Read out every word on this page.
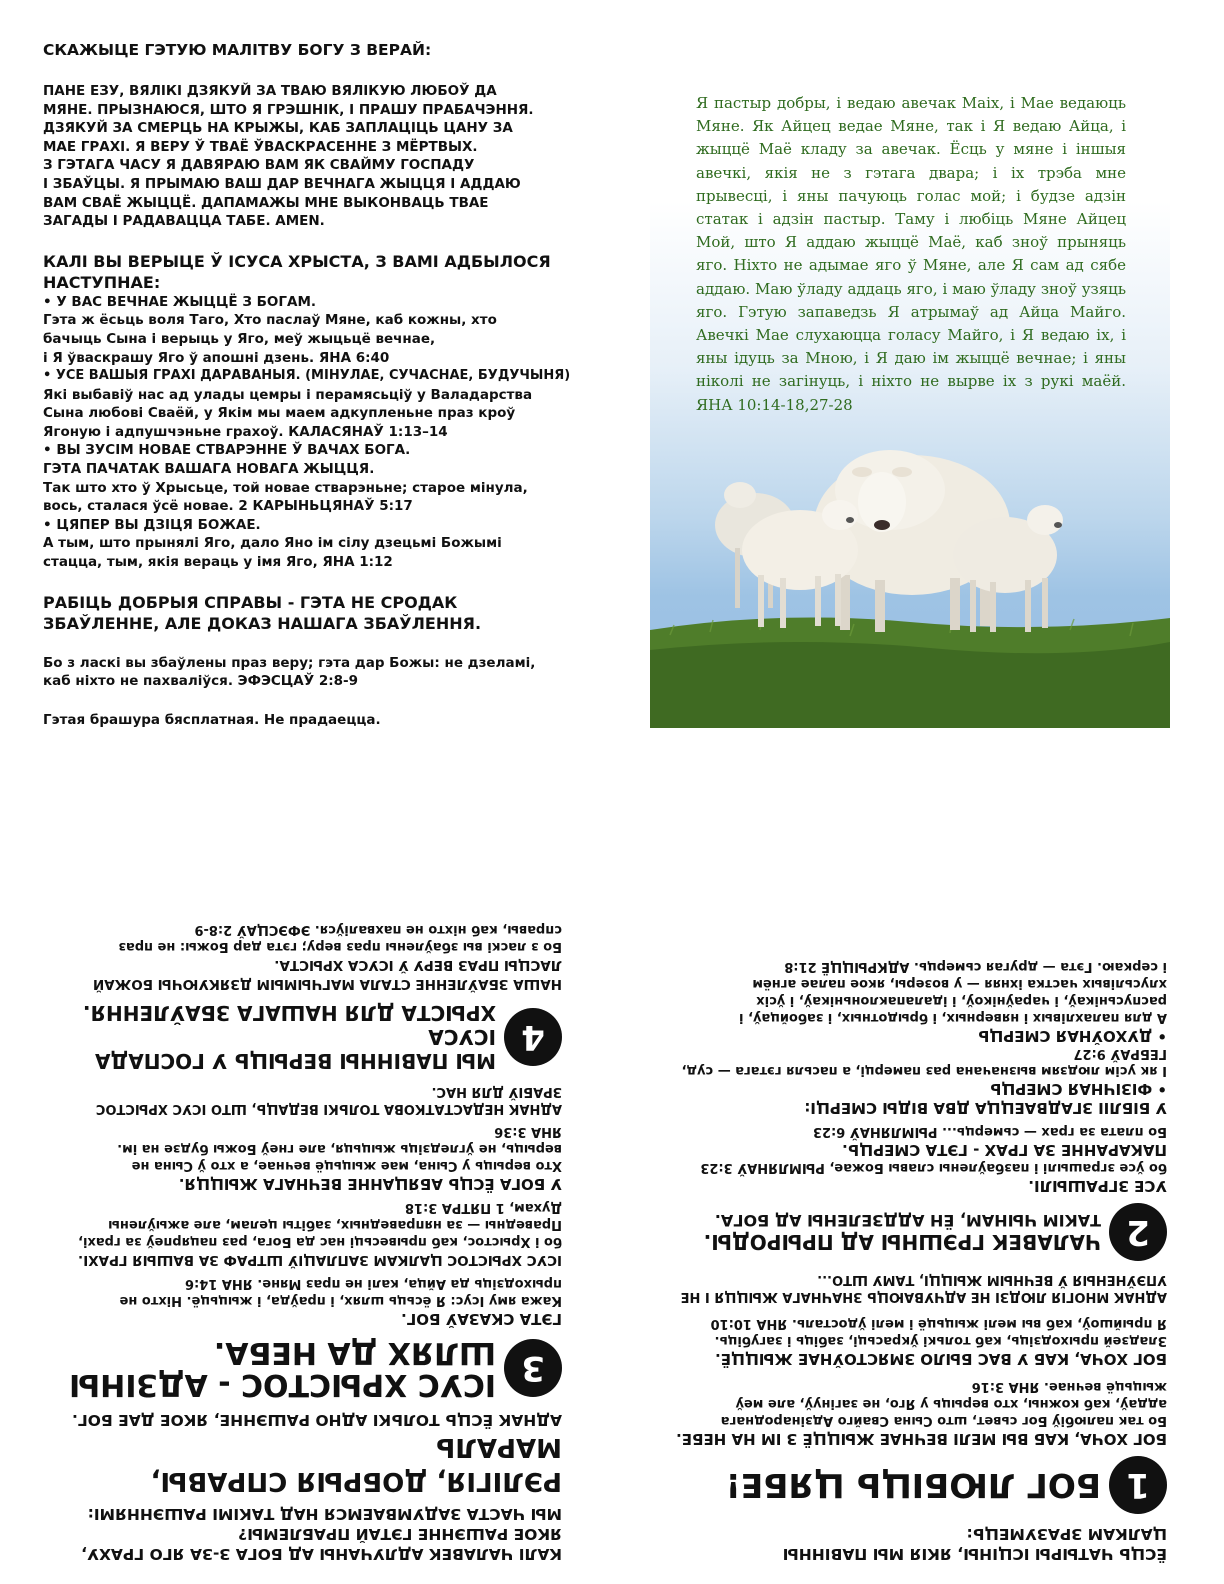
СКАЖЫЦЕ ГЭТУЮ МАЛІТВУ БОГУ З ВЕРАЙ:

ПАНЕ ЕЗУ, ВЯЛІКІ ДЗЯКУЙ ЗА ТВАЮ ВЯЛІКУЮ ЛЮБОЎ ДА

МЯНЕ. ПРЫЗНАЮСЯ, ШТО Я ГРЭШНІК, І ПРАШУ ПРАБАЧЭННЯ.

ДЗЯКУЙ ЗА СМЕРЦЬ НА КРЫЖЫ, КАБ ЗАПЛАЦІЦЬ ЦАНУ ЗА

МАЕ ГРАХІ. Я ВЕРУ Ў ТВАЁ ЎВАСКРАСЕННЕ З МЁРТВЫХ.

З ГЭТАГА ЧАСУ Я ДАВЯРАЮ ВАМ ЯК СВАЙМУ ГОСПАДУ

І ЗБАЎЦЫ. Я ПРЫМАЮ ВАШ ДАР ВЕЧНАГА ЖЫЦЦЯ І АДДАЮ

ВАМ СВАЁ ЖЫЦЦЁ. ДАПАМАЖЫ МНЕ ВЫКОНВАЦЬ ТВАЕ

ЗАГАДЫ І РАДАВАЦЦА ТАБЕ. AMEN.

КАЛІ ВЫ ВЕРЫЦЕ Ў ІСУСА ХРЫСТА, З ВАМІ АДБЫЛОСЯ

НАСТУПНАЕ:

• У ВАС ВЕЧНАЕ ЖЫЦЦЁ З БОГАМ.

Гэта ж ёсьць воля Таго, Хто паслаў Мяне, каб кожны, хто

бачыць Сына і верыць у Яго, меў жыцьцё вечнае,

і Я ўваскрашу Яго ў апошні дзень. ЯНА 6:40

• УСЕ ВАШЫЯ ГРАХІ ДАРАВАНЫЯ. (МІНУЛАЕ, СУЧАСНАЕ, БУДУЧЫНЯ)

Які выбавіў нас ад улады цемры і перамясьціў у Валадарства

Сына любові Сваёй, у Якім мы маем адкупленьне праз кроў

Ягоную і адпушчэньне грахоў. КАЛАСЯНАЎ 1:13–14

• ВЫ ЗУСІМ НОВАЕ СТВАРЭННЕ Ў ВАЧАХ БОГА.

ГЭТА ПАЧАТАК ВАШАГА НОВАГА ЖЫЦЦЯ.

Так што хто ў Хрысьце, той новае стварэньне; старое мінула,

вось, сталася ўсё новае. 2 КАРЫНЬЦЯНАЎ 5:17

• ЦЯПЕР ВЫ ДЗІЦЯ БОЖАЕ.

А тым, што прынялі Яго, дало Яно ім сілу дзецьмі Божымі

стацца, тым, якія вераць у імя Яго, ЯНА 1:12

РАБІЦЬ ДОБРЫЯ СПРАВЫ - ГЭТА НЕ СРОДАК

ЗБАЎЛЕННЕ, АЛЕ ДОКАЗ НАШАГА ЗБАЎЛЕННЯ.

Бо з ласкі вы збаўлены праз веру; гэта дар Божы: не дзеламі,

каб ніхто не пахваліўся. ЭФЭСЦАЎ 2:8-9

Гэтая брашура бясплатная. Не прадаецца.

Я пастыр добры, і ведаю авечак Маіх, і Мае ведаюць Мяне. Як Айцец ведае Мяне, так і Я ведаю Айца, і жыццё Маё кладу за авечак. Ёсць у мяне і іншыя авечкі, якія не з гэтага двара; і іх трэба мне прывесці, і яны пачуюць голас мой; і будзе адзін статак і адзін пастыр. Таму і любіць Мяне Айцец Мой, што Я аддаю жыццё Маё, каб зноў прыняць яго. Ніхто не адымае яго ў Мяне, але Я сам ад сябе аддаю. Маю ўладу аддаць яго, і маю ўладу зноў узяць яго. Гэтую запаведзь Я атрымаў ад Айца Майго. Авечкі Мае слухаюцца голасу Майго, і Я ведаю іх, і яны ідуць за Мною, і Я даю ім жыццё вечнае; і яны ніколі не загінуць, і ніхто не вырве іх з рукі маёй. ЯНА 10:14-18,27-28

ЁСЦЬ ЧАТЫРЫ ІСЦІНЫ, ЯКІЯ МЫ ПАВІННЫ

ЦАЛКАМ ЗРАЗУМЕЦЬ:

1

БОГ ЛЮБІЦЬ ЦЯБЕ!

БОГ ХОЧА, КАБ ВЫ МЕЛІ ВЕЧНАЕ ЖЫЦЦЁ З ІМ НА НЕБЕ.

Бо так палюбіў Бог сьвет, што Сына Свайго Адзінароднага

аддаў, каб кожны, хто верыць у Яго, не загінуў, але меў

жыцьцё вечнае. ЯНА 3:16

БОГ ХОЧА, КАБ У ВАС БЫЛО ЗМЯСТОЎНАЕ ЖЫЦЦЁ.

Зладзей прыходзіць, каб толькі ўкрасьці, забіць і загубіць.

Я прыйшоў, каб вы мелі жыцьцё і мелі ўдосталь. ЯНА 10:10

АДНАК МНОГІЯ ЛЮДЗІ НЕ АДЧУВАЮЦЬ ЗНАЧНАГА ЖЫЦЦЯ І НЕ

УПЭЎНЕНЫЯ Ў ВЕЧНЫМ ЖЫЦЦІ, ТАМУ ШТО...

2

ЧАЛАВЕК ГРЭШНЫ АД ПРЫРОДЫ.

ТАКІМ ЧЫНАМ, ЁН АДДЗЕЛЕНЫ АД БОГА.

УСЕ ЗГРАШЫЛІ.

бо ўсе зграшылі і пазбаўлены славы Божае, РЫМЛЯНАЎ 3:23

ПАКАРАННЕ ЗА ГРАХ - ГЭТА СМЕРЦЬ.

Бо плата за грах — сьмерць... РЫМЛЯНАЎ 6:23

У БІБЛІІ ЗГАДВАЕЦЦА ДВА ВІДЫ СМЕРЦІ:

• ФІЗІЧНАЯ СМЕРЦЬ

І як усім людзям вызначана раз памерці, а пасьля гэтага — суд,

ГЕБРАЎ 9:27

• ДУХОЎНАЯ СМЕРЦЬ

А для палахлівых і няверных, і брыдотных, і забойцаў, і

распусьнікаў, і чараўнікоў, і ідалапаклоньнікаў, і ўсіх

хлусьлівых частка іхняя — у возеры, якое палае агнём

і серкаю. Гэта — другая сьмерць. АДКРЫЦЦЁ 21:8

КАЛІ ЧАЛАВЕК АДЛУЧАНЫ АД БОГА З-ЗА ЯГО ГРАХУ,

ЯКОЕ РАШЭННЕ ГЭТАЙ ПРАБЛЕМЫ?

МЫ ЧАСТА ЗАДУМВАЕМСЯ НАД ТАКІМІ РАШЭННЯМІ:

РЭЛІГІЯ, ДОБРЫЯ СПРАВЫ, МАРАЛЬ

АДНАК ЁСЦЬ ТОЛЬКІ АДНО РАШЭННЕ, ЯКОЕ ДАЕ БОГ.

3

ІСУС ХРЫСТОС - АДЗІНЫ

ШЛЯХ ДА НЕБА.

ГЭТА СКАЗАЎ БОГ.

Кажа яму Ісус: Я ёсьць шлях, і праўда, і жыцьцё. Ніхто не

прыходзіць да Айца, калі не праз Мяне. ЯНА 14:6

ІСУС ХРЫСТОС ЦАЛКАМ ЗАПЛАЦІЎ ШТРАФ ЗА ВАШЫЯ ГРАХІ.

бо і Хрыстос, каб прывесьці нас да Бога, раз пацярпеў за грахі,

Праведны — за няправедных, забіты целам, але ажыўлены

Духам, 1 ПЯТРА 3:18

У БОГА ЁСЦЬ АБЯЦАННЕ ВЕЧНАГА ЖЫЦЦЯ.

Хто верыць у Сына, мае жыцьцё вечнае, а хто ў Сына не

верыць, не ўгледзіць жыцьця, але гнеў Божы будзе на ім.

ЯНА 3:36

АДНАК НЕДАСТАТКОВА ТОЛЬКІ ВЕДАЦЬ, ШТО ІСУС ХРЫСТОС

ЗРАБІЎ ДЛЯ НАС.

4

МЫ ПАВІННЫ ВЕРЫЦЬ У ГОСПАДА ІСУСА

ХРЫСТА ДЛЯ НАШАГА ЗБАЎЛЕННЯ.

НАША ЗБАЎЛЕННЕ СТАЛА МАГЧЫМЫМ ДЗЯКУЮЧЫ БОЖАЙ

ЛАСЦЫ ПРАЗ ВЕРУ Ў ІСУСА ХРЫСТА.

Бо з ласкі вы збаўлены праз веру; гэта дар Божы: не праз

справы, каб ніхто не пахваліўся. ЭФЭСЦАЎ 2:8-9
